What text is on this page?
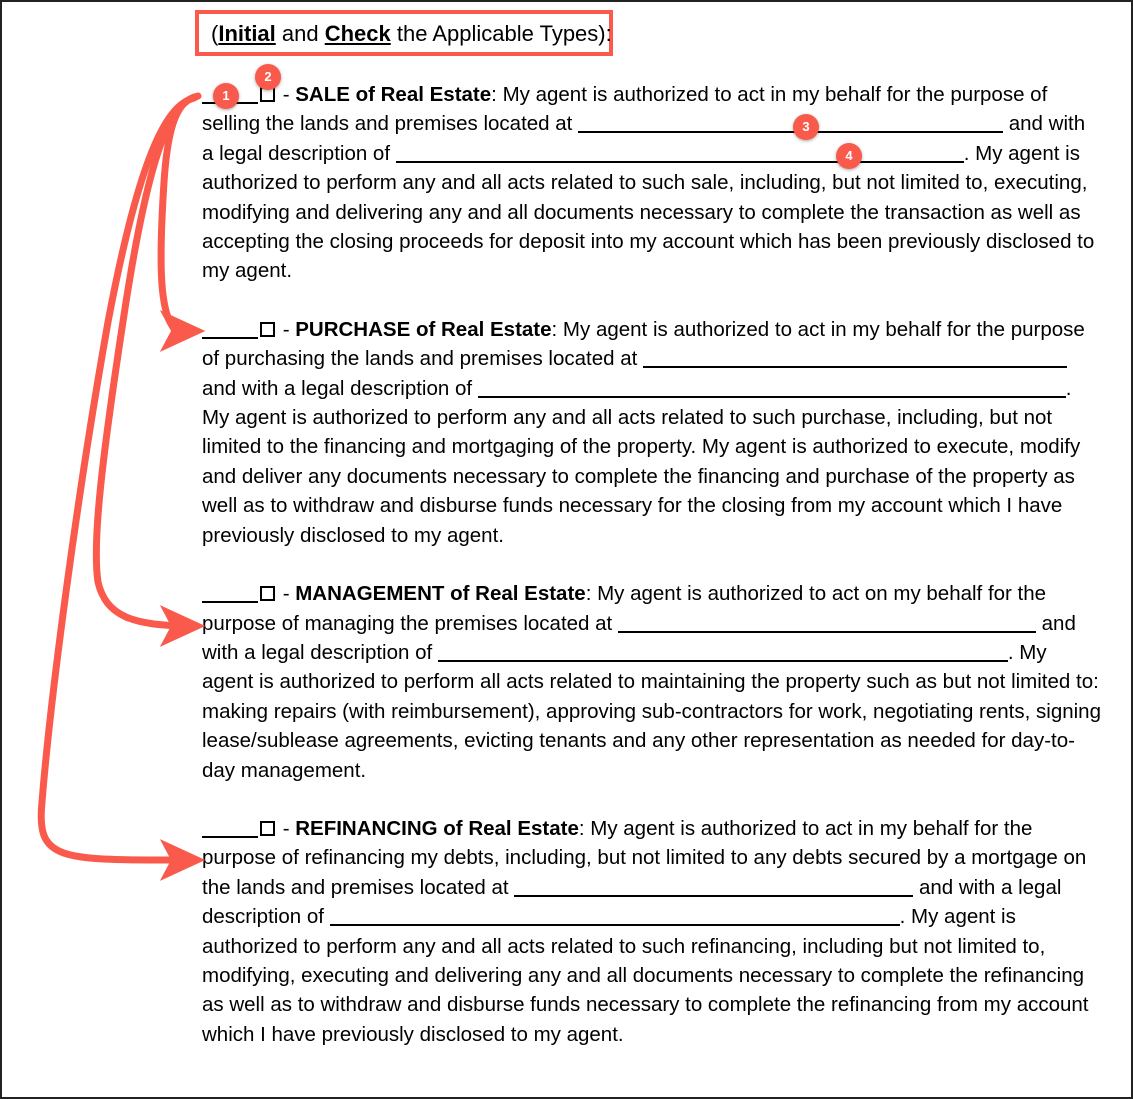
(Initial and Check the Applicable Types):

- SALE of Real Estate: My agent is authorized to act in my behalf for the purpose of selling the lands and premises located at	and with a legal description of	. My agent is authorized to perform any and all acts related to such sale, including, but not limited to, executing, modifying and delivering any and all documents necessary to complete the transaction as well as accepting the closing proceeds for deposit into my account which has been previously disclosed to my agent.

- PURCHASE of Real Estate: My agent is authorized to act in my behalf for the purpose of purchasing the lands and premises located at  and with a legal description of	. My agent is authorized to perform any and all acts related to such purchase, including, but not limited to the financing and mortgaging of the property. My agent is authorized to execute, modify and deliver any documents necessary to complete the financing and purchase of the property as well as to withdraw and disburse funds necessary for the closing from my account which I have previously disclosed to my agent.

- MANAGEMENT of Real Estate: My agent is authorized to act on my behalf for the purpose of managing the premises located at	and with a legal description of	. My agent is authorized to perform all acts related to maintaining the property such as but not limited to: making repairs (with reimbursement), approving sub-contractors for work, negotiating rents, signing lease/sublease agreements, evicting tenants and any other representation as needed for day-to-day management.

- REFINANCING of Real Estate: My agent is authorized to act in my behalf for the purpose of refinancing my debts, including, but not limited to any debts secured by a mortgage on the lands and premises located at	and with a legal description of	. My agent is authorized to perform any and all acts related to such refinancing, including but not limited to, modifying, executing and delivering any and all documents necessary to complete the refinancing as well as to withdraw and disburse funds necessary to complete the refinancing from my account which I have previously disclosed to my agent.

1
2
3
4
